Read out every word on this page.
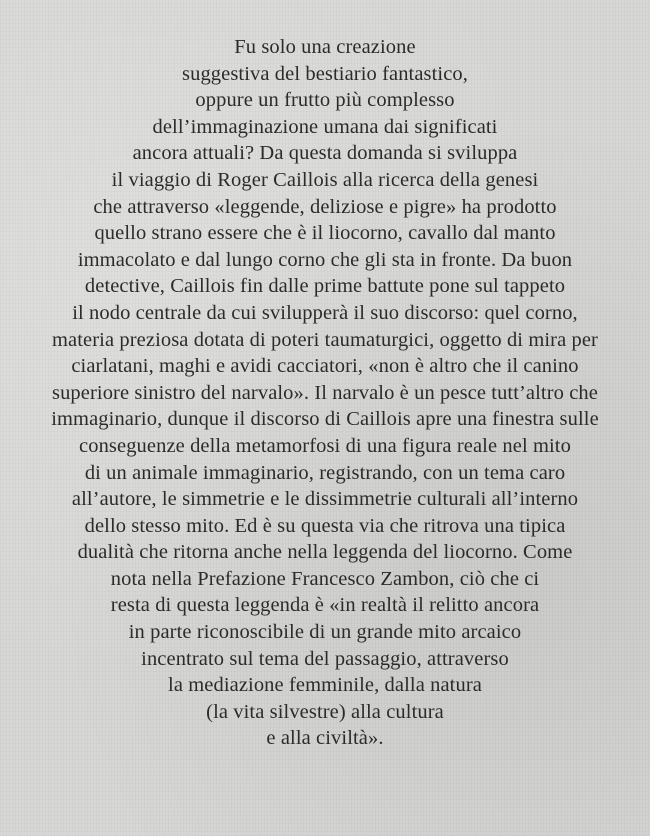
Fu solo una creazione
suggestiva del bestiario fantastico,
oppure un frutto più complesso
dell’immaginazione umana dai significati
ancora attuali? Da questa domanda si sviluppa
il viaggio di Roger Caillois alla ricerca della genesi
che attraverso «leggende, deliziose e pigre» ha prodotto
quello strano essere che è il liocorno, cavallo dal manto
immacolato e dal lungo corno che gli sta in fronte. Da buon
detective, Caillois fin dalle prime battute pone sul tappeto
il nodo centrale da cui svilupperà il suo discorso: quel corno,
materia preziosa dotata di poteri taumaturgici, oggetto di mira per
ciarlatani, maghi e avidi cacciatori, «non è altro che il canino
superiore sinistro del narvalo». Il narvalo è un pesce tutt’altro che
immaginario, dunque il discorso di Caillois apre una finestra sulle
conseguenze della metamorfosi di una figura reale nel mito
di un animale immaginario, registrando, con un tema caro
all’autore, le simmetrie e le dissimmetrie culturali all’interno
dello stesso mito. Ed è su questa via che ritrova una tipica
dualità che ritorna anche nella leggenda del liocorno. Come
nota nella Prefazione Francesco Zambon, ciò che ci
resta di questa leggenda è «in realtà il relitto ancora
in parte riconoscibile di un grande mito arcaico
incentrato sul tema del passaggio, attraverso
la mediazione femminile, dalla natura
(la vita silvestre) alla cultura
e alla civiltà».
